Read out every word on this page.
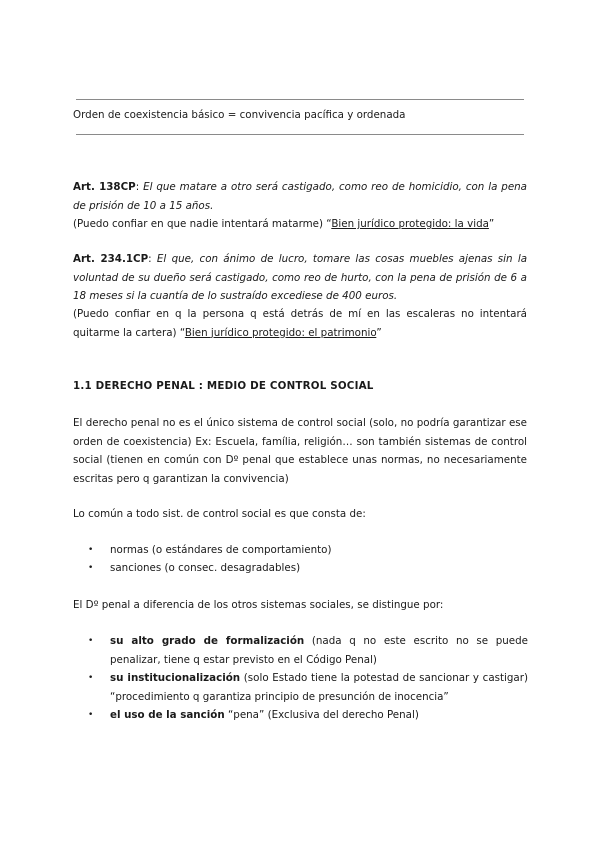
Orden de coexistencia básico = convivencia pacífica y ordenada

Art. 138CP: El que matare a otro será castigado, como reo de homicidio, con la pena de prisión de 10 a 15 años.

(Puedo confiar en que nadie intentará matarme) “Bien jurídico protegido: la vida”

Art. 234.1CP: El que, con ánimo de lucro, tomare las cosas muebles ajenas sin la voluntad de su dueño será castigado, como reo de hurto, con la pena de prisión de 6 a 18 meses si la cuantía de lo sustraído excediese de 400 euros.

(Puedo confiar en q la persona q está detrás de mí en las escaleras no intentará quitarme la cartera) “Bien jurídico protegido: el patrimonio”

1.1 DERECHO PENAL : MEDIO DE CONTROL SOCIAL

El derecho penal no es el único sistema de control social (solo, no podría garantizar ese orden de coexistencia) Ex: Escuela, família, religión… son también sistemas de control social (tienen en común con Dº penal que establece unas normas, no necesariamente escritas pero q garantizan la convivencia)

Lo común a todo sist. de control social es que consta de:

• normas (o estándares de comportamiento)

• sanciones (o consec. desagradables)

El Dº penal a diferencia de los otros sistemas sociales, se distingue por:

• su alto grado de formalización (nada q no este escrito no se puede penalizar, tiene q estar previsto en el Código Penal)

• su institucionalización (solo Estado tiene la potestad de sancionar y castigar) “procedimiento q garantiza principio de presunción de inocencia”

• el uso de la sanción “pena” (Exclusiva del derecho Penal)
